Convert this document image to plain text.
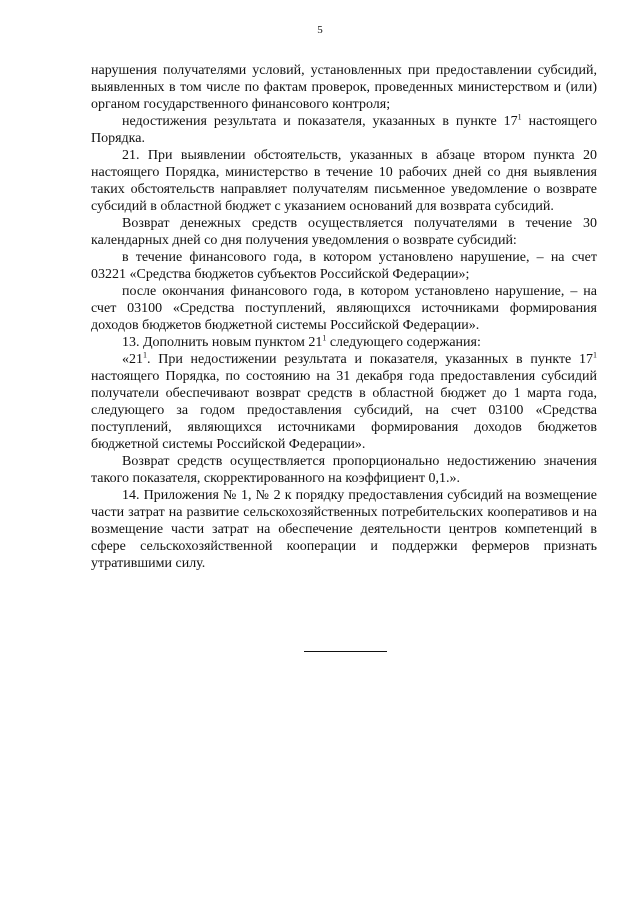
5

нарушения получателями условий, установленных при предоставлении субсидий, выявленных в том числе по фактам проверок, проведенных министерством и (или) органом государственного финансового контроля;

недостижения результата и показателя, указанных в пункте $17^1$ настоящего Порядка.

21. При выявлении обстоятельств, указанных в абзаце втором пункта 20 настоящего Порядка, министерство в течение 10 рабочих дней со дня выявления таких обстоятельств направляет получателям письменное уведомление о возврате субсидий в областной бюджет с указанием оснований для возврата субсидий.

Возврат денежных средств осуществляется получателями в течение 30 календарных дней со дня получения уведомления о возврате субсидий:

в течение финансового года, в котором установлено нарушение, – на счет 03221 «Средства бюджетов субъектов Российской Федерации»;

после окончания финансового года, в котором установлено нарушение, – на счет 03100 «Средства поступлений, являющихся источниками формирования доходов бюджетов бюджетной системы Российской Федерации».

13. Дополнить новым пунктом $21^1$ следующего содержания:

«$21^1$. При недостижении результата и показателя, указанных в пункте $17^1$ настоящего Порядка, по состоянию на 31 декабря года предоставления субсидий получатели обеспечивают возврат средств в областной бюджет до 1 марта года, следующего за годом предоставления субсидий, на счет 03100 «Средства поступлений, являющихся источниками формирования доходов бюджетов бюджетной системы Российской Федерации».

Возврат средств осуществляется пропорционально недостижению значения такого показателя, скорректированного на коэффициент 0,1.».

14. Приложения № 1, № 2 к порядку предоставления субсидий на возмещение части затрат на развитие сельскохозяйственных потребительских кооперативов и на возмещение части затрат на обеспечение деятельности центров компетенций в сфере сельскохозяйственной кооперации и поддержки фермеров признать утратившими силу.
